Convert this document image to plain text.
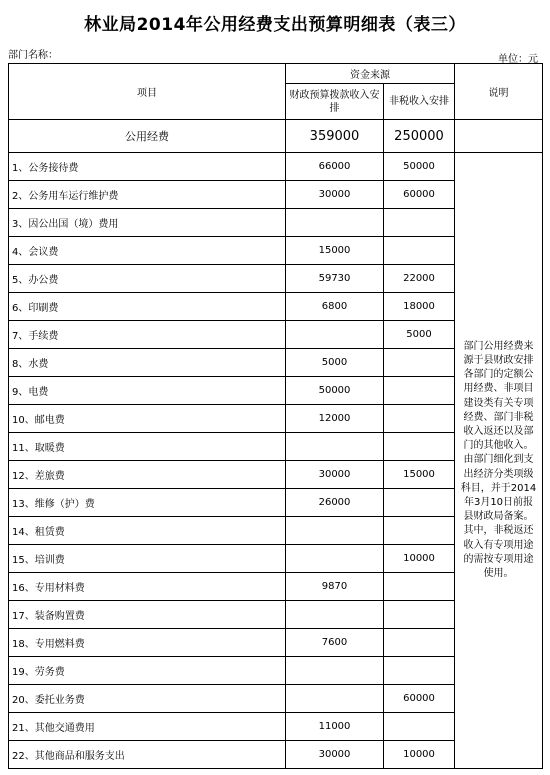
林业局2014年公用经费支出预算明细表（表三）
部门名称：	单位：元
项目	资金来源		说明
	财政预算拨款收入安排	非税收入安排	
公用经费	359000	250000	
1、公务接待费	66000	50000	部门公用经费来源于县财政安排各部门的定额公用经费、非项目建设类有关专项经费、部门非税收入返还以及部门的其他收入。由部门细化到支出经济分类项级科目，并于2014年3月10日前报县财政局备案。其中，非税返还收入有专项用途的需按专项用途使用。
2、公务用车运行维护费	30000	60000	
3、因公出国（境）费用			
4、会议费	15000		
5、办公费	59730	22000	
6、印刷费	6800	18000	
7、手续费		5000	
8、水费	5000		
9、电费	50000		
10、邮电费	12000		
11、取暖费			
12、差旅费	30000	15000	
13、维修（护）费	26000		
14、租赁费			
15、培训费		10000	
16、专用材料费	9870		
17、装备购置费			
18、专用燃料费	7600		
19、劳务费			
20、委托业务费		60000	
21、其他交通费用	11000		
22、其他商品和服务支出	30000	10000	
